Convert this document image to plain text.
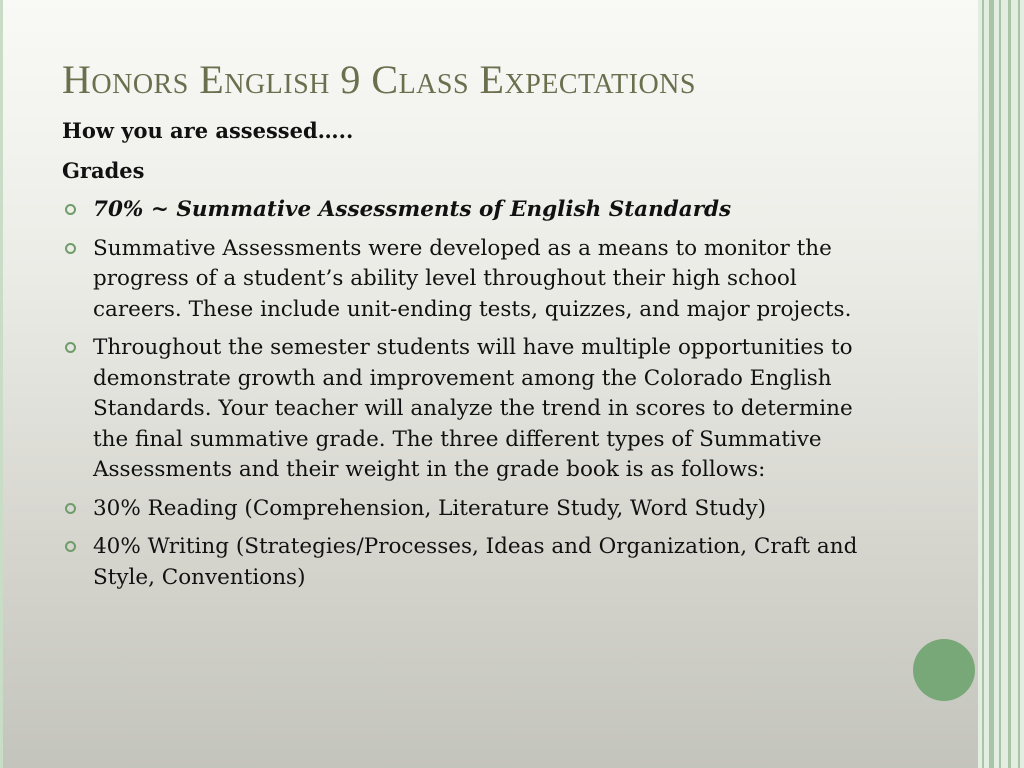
Honors English 9 Class Expectations

How you are assessed…..

Grades

70% ~ Summative Assessments of English Standards
Summative Assessments were developed as a means to monitor the progress of a student’s ability level throughout their high school careers. These include unit-ending tests, quizzes, and major projects.
Throughout the semester students will have multiple opportunities to demonstrate growth and improvement among the Colorado English Standards. Your teacher will analyze the trend in scores to determine the final summative grade. The three different types of Summative Assessments and their weight in the grade book is as follows:
30% Reading (Comprehension, Literature Study, Word Study)
40% Writing (Strategies/Processes, Ideas and Organization, Craft and Style, Conventions)
